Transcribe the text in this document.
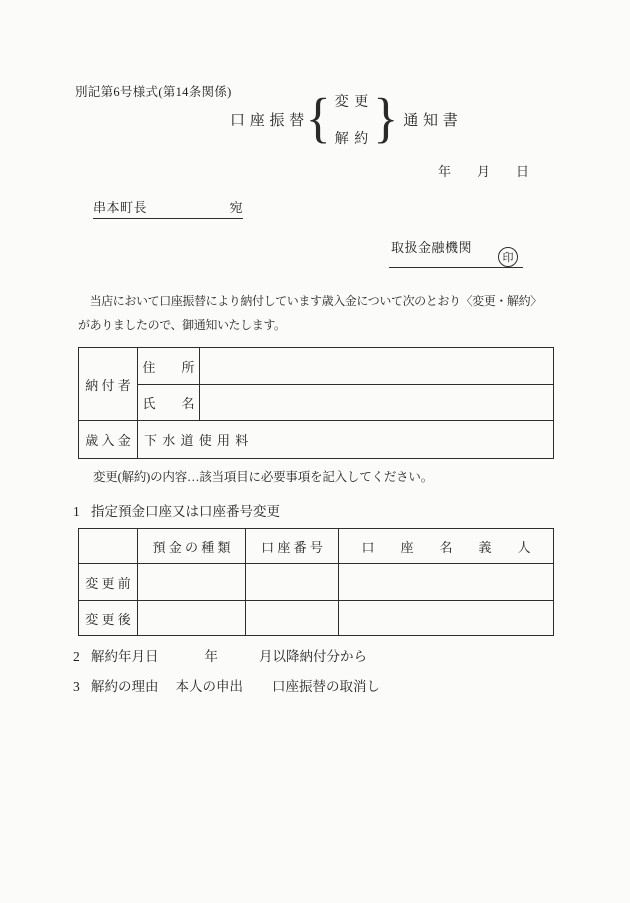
別記第6号様式(第14条関係)
口 座 振 替 { 変 更
解 約 } 通 知 書
年 月 日
串本町長	宛
取扱金融機関
印
　当店において口座振替により納付しています歳入金について次のとおり〈変更・解約〉
がありましたので、御通知いたします。
納 付 者	住　　所	
	氏　　名	
歳 入 金	下 水 道 使 用 料	
変更(解約)の内容…該当項目に必要事項を記入してください。
1 指定預金口座又は口座番号変更
	預 金 の 種 類	口 座 番 号	口　　座　　名　　義　　人
変 更 前			
変 更 後			
2 解約年月日	年	月以降納付分から
3 解約の理由 本人の申出 口座振替の取消し
